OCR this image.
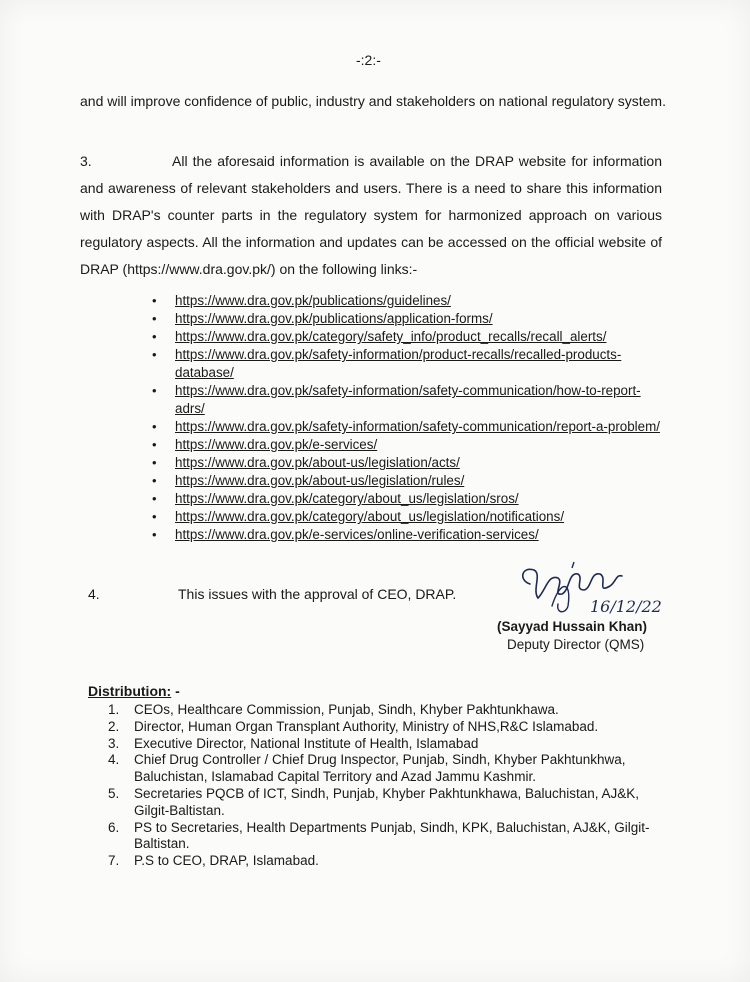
-:2:-
and will improve confidence of public, industry and stakeholders on national regulatory system.
3.	All the aforesaid information is available on the DRAP website for information and awareness of relevant stakeholders and users. There is a need to share this information with DRAP's counter parts in the regulatory system for harmonized approach on various regulatory aspects. All the information and updates can be accessed on the official website of DRAP (https://www.dra.gov.pk/) on the following links:-
• https://www.dra.gov.pk/publications/guidelines/
• https://www.dra.gov.pk/publications/application-forms/
• https://www.dra.gov.pk/category/safety_info/product_recalls/recall_alerts/
• https://www.dra.gov.pk/safety-information/product-recalls/recalled-products-database/
• https://www.dra.gov.pk/safety-information/safety-communication/how-to-report-adrs/
• https://www.dra.gov.pk/safety-information/safety-communication/report-a-problem/
• https://www.dra.gov.pk/e-services/
• https://www.dra.gov.pk/about-us/legislation/acts/
• https://www.dra.gov.pk/about-us/legislation/rules/
• https://www.dra.gov.pk/category/about_us/legislation/sros/
• https://www.dra.gov.pk/category/about_us/legislation/notifications/
• https://www.dra.gov.pk/e-services/online-verification-services/
4.	This issues with the approval of CEO, DRAP.
16/12/22
(Sayyad Hussain Khan)
Deputy Director (QMS)
Distribution: -
1. CEOs, Healthcare Commission, Punjab, Sindh, Khyber Pakhtunkhawa.
2. Director, Human Organ Transplant Authority, Ministry of NHS,R&C Islamabad.
3. Executive Director, National Institute of Health, Islamabad
4. Chief Drug Controller / Chief Drug Inspector, Punjab, Sindh, Khyber Pakhtunkhwa, Baluchistan, Islamabad Capital Territory and Azad Jammu Kashmir.
5. Secretaries PQCB of ICT, Sindh, Punjab, Khyber Pakhtunkhawa, Baluchistan, AJ&K, Gilgit-Baltistan.
6. PS to Secretaries, Health Departments Punjab, Sindh, KPK, Baluchistan, AJ&K, Gilgit-Baltistan.
7. P.S to CEO, DRAP, Islamabad.
